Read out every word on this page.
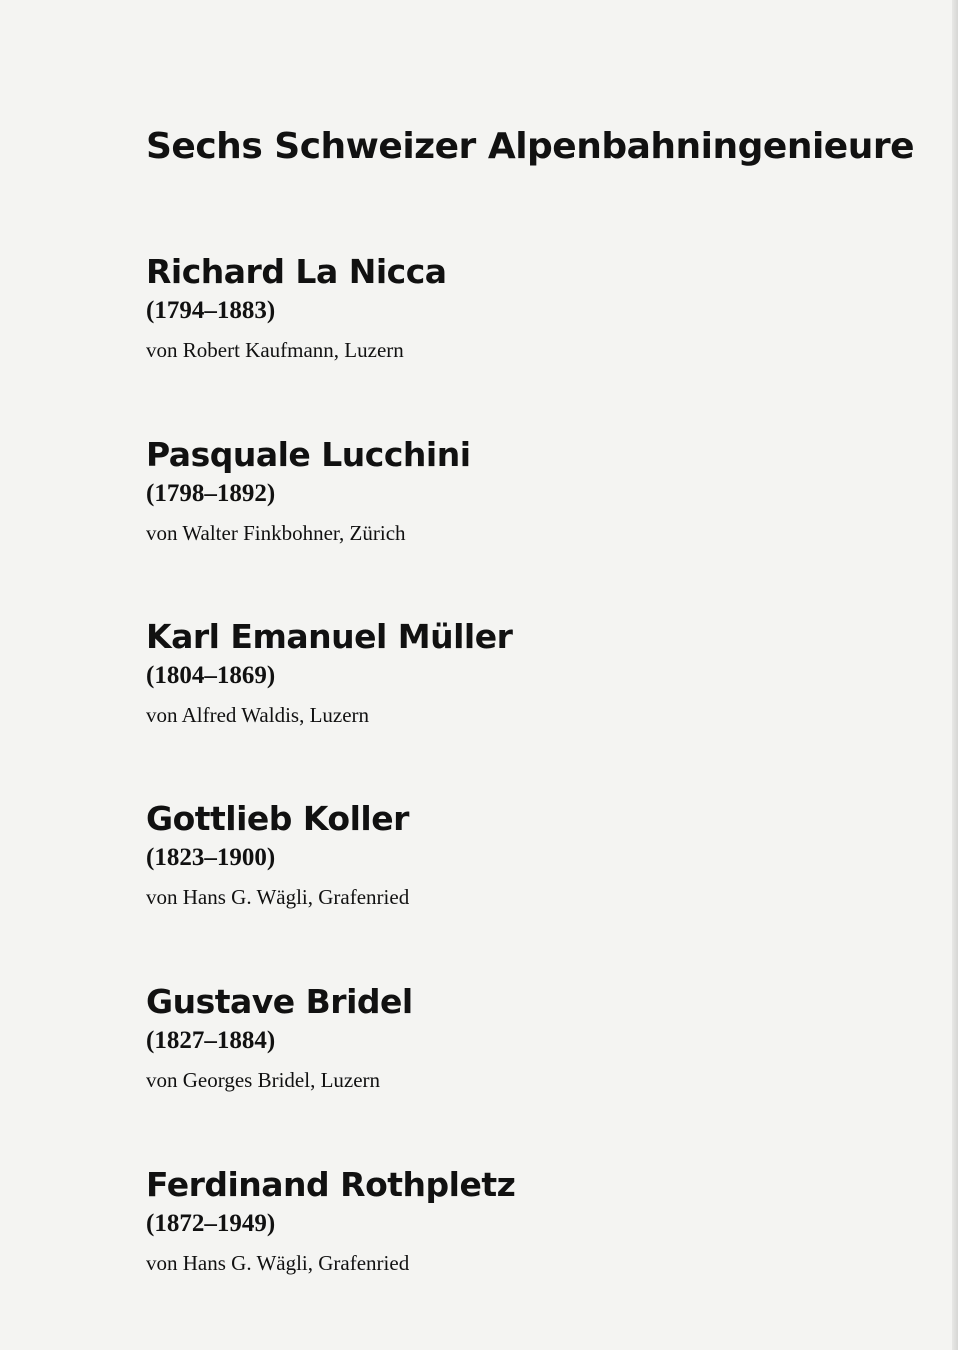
Sechs Schweizer Alpenbahningenieure
Richard La Nicca
(1794–1883)
von Robert Kaufmann, Luzern
Pasquale Lucchini
(1798–1892)
von Walter Finkbohner, Zürich
Karl Emanuel Müller
(1804–1869)
von Alfred Waldis, Luzern
Gottlieb Koller
(1823–1900)
von Hans G. Wägli, Grafenried
Gustave Bridel
(1827–1884)
von Georges Bridel, Luzern
Ferdinand Rothpletz
(1872–1949)
von Hans G. Wägli, Grafenried
